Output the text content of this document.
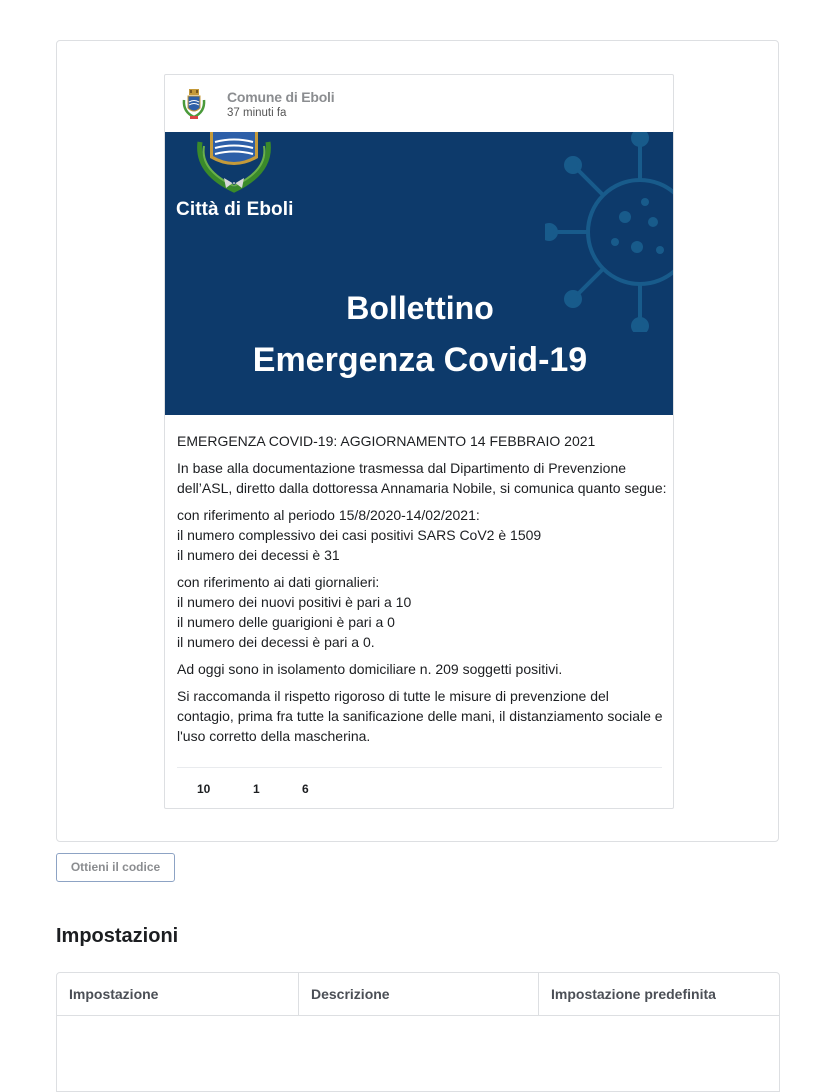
Comune di Eboli
37 minuti fa
Città di Eboli
Bollettino
Emergenza Covid-19

EMERGENZA COVID-19: AGGIORNAMENTO 14 FEBBRAIO 2021

In base alla documentazione trasmessa dal Dipartimento di Prevenzione dell’ASL, diretto dalla dottoressa Annamaria Nobile, si comunica quanto segue:

con riferimento al periodo 15/8/2020-14/02/2021:
il numero complessivo dei casi positivi SARS CoV2 è 1509
il numero dei decessi è 31

con riferimento ai dati giornalieri:
il numero dei nuovi positivi è pari a 10
il numero delle guarigioni è pari a 0
il numero dei decessi è pari a 0.

Ad oggi sono in isolamento domiciliare n. 209 soggetti positivi.

Si raccomanda il rispetto rigoroso di tutte le misure di prevenzione del contagio, prima fra tutte la sanificazione delle mani, il distanziamento sociale e l'uso corretto della mascherina.

10	1	6
Ottieni il codice
Impostazioni
Impostazione	Descrizione	Impostazione predefinita
